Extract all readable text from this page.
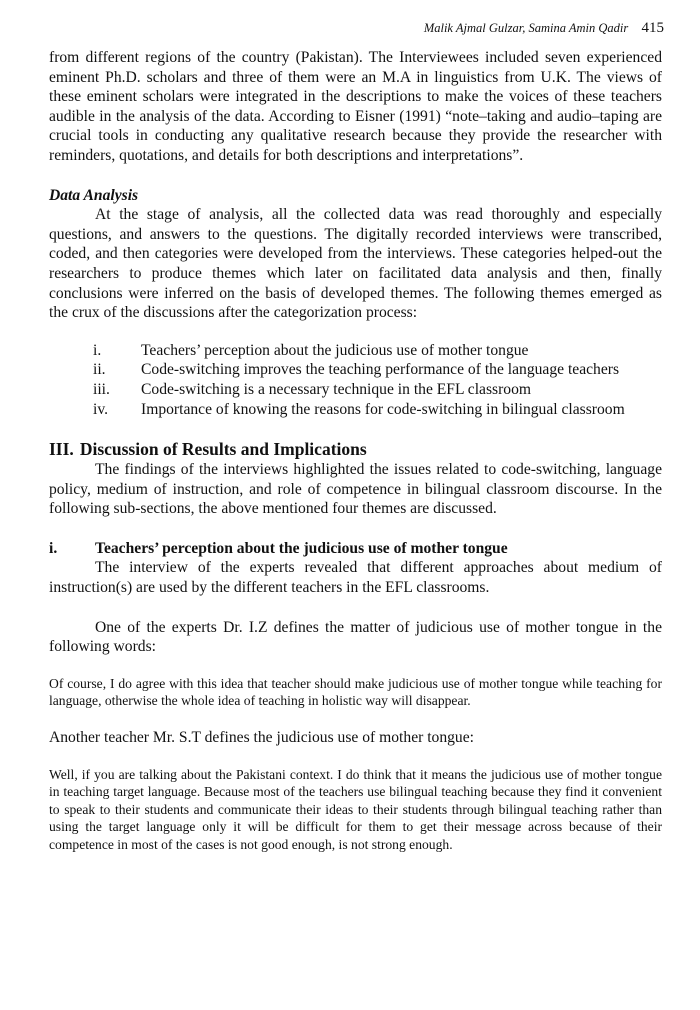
Malik Ajmal Gulzar, Samina Amin Qadir 415

from different regions of the country (Pakistan). The Interviewees included seven experienced eminent Ph.D. scholars and three of them were an M.A in linguistics from U.K. The views of these eminent scholars were integrated in the descriptions to make the voices of these teachers audible in the analysis of the data. According to Eisner (1991) “note–taking and audio–taping are crucial tools in conducting any qualitative research because they provide the researcher with reminders, quotations, and details for both descriptions and interpretations”.

Data Analysis

At the stage of analysis, all the collected data was read thoroughly and especially questions, and answers to the questions. The digitally recorded interviews were transcribed, coded, and then categories were developed from the interviews. These categories helped-out the researchers to produce themes which later on facilitated data analysis and then, finally conclusions were inferred on the basis of developed themes. The following themes emerged as the crux of the discussions after the categorization process:

i.	Teachers’ perception about the judicious use of mother tongue
ii. Code-switching improves the teaching performance of the language teachers
iii. Code-switching is a necessary technique in the EFL classroom
iv. Importance of knowing the reasons for code-switching in bilingual classroom
III. Discussion of Results and Implications

The findings of the interviews highlighted the issues related to code-switching, language policy, medium of instruction, and role of competence in bilingual classroom discourse. In the following sub-sections, the above mentioned four themes are discussed.

i. Teachers’ perception about the judicious use of mother tongue

The interview of the experts revealed that different approaches about medium of instruction(s) are used by the different teachers in the EFL classrooms.

One of the experts Dr. I.Z defines the matter of judicious use of mother tongue in the following words:

Of course, I do agree with this idea that teacher should make judicious use of mother tongue while teaching for language, otherwise the whole idea of teaching in holistic way will disappear.

Another teacher Mr. S.T defines the judicious use of mother tongue:

Well, if you are talking about the Pakistani context. I do think that it means the judicious use of mother tongue in teaching target language. Because most of the teachers use bilingual teaching because they find it convenient to speak to their students and communicate their ideas to their students through bilingual teaching rather than using the target language only it will be difficult for them to get their message across because of their competence in most of the cases is not good enough, is not strong enough.
